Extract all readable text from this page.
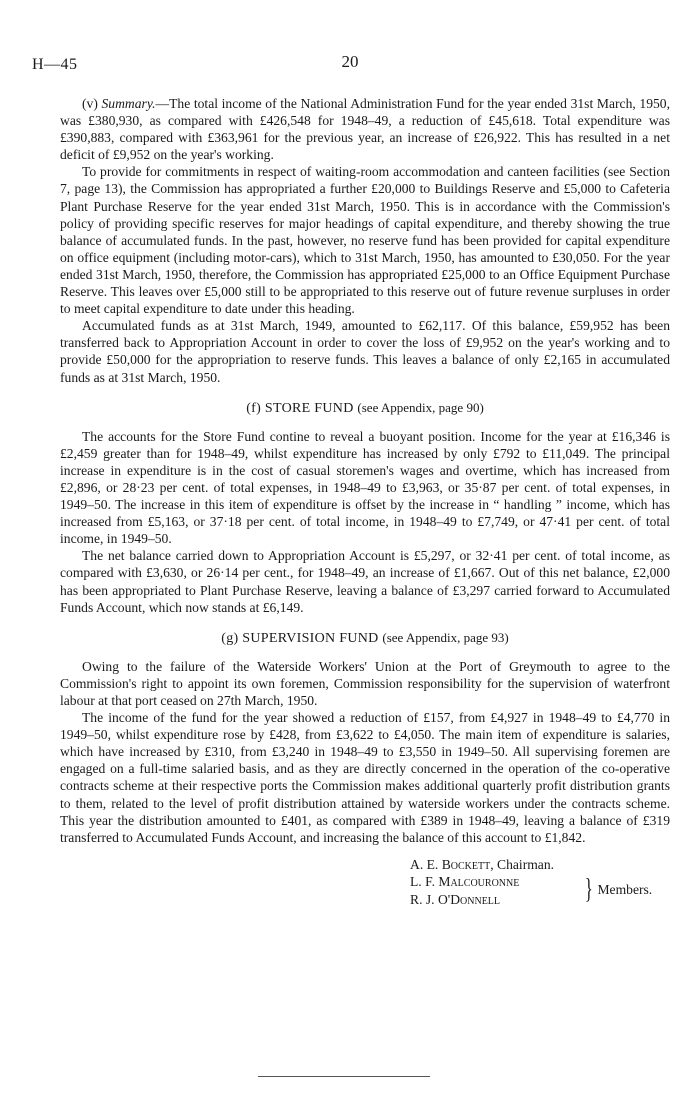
H—45	20

(v) Summary.—The total income of the National Administration Fund for the year ended 31st March, 1950, was £380,930, as compared with £426,548 for 1948–49, a reduction of £45,618. Total expenditure was £390,883, compared with £363,961 for the previous year, an increase of £26,922. This has resulted in a net deficit of £9,952 on the year's working.

To provide for commitments in respect of waiting-room accommodation and canteen facilities (see Section 7, page 13), the Commission has appropriated a further £20,000 to Buildings Reserve and £5,000 to Cafeteria Plant Purchase Reserve for the year ended 31st March, 1950. This is in accordance with the Commission's policy of providing specific reserves for major headings of capital expenditure, and thereby showing the true balance of accumulated funds. In the past, however, no reserve fund has been provided for capital expenditure on office equipment (including motor-cars), which to 31st March, 1950, has amounted to £30,050. For the year ended 31st March, 1950, therefore, the Commission has appropriated £25,000 to an Office Equipment Purchase Reserve. This leaves over £5,000 still to be appropriated to this reserve out of future revenue surpluses in order to meet capital expenditure to date under this heading.

Accumulated funds as at 31st March, 1949, amounted to £62,117. Of this balance, £59,952 has been transferred back to Appropriation Account in order to cover the loss of £9,952 on the year's working and to provide £50,000 for the appropriation to reserve funds. This leaves a balance of only £2,165 in accumulated funds as at 31st March, 1950.

(f) STORE FUND (see Appendix, page 90)

The accounts for the Store Fund contine to reveal a buoyant position. Income for the year at £16,346 is £2,459 greater than for 1948–49, whilst expenditure has increased by only £792 to £11,049. The principal increase in expenditure is in the cost of casual storemen's wages and overtime, which has increased from £2,896, or 28·23 per cent. of total expenses, in 1948–49 to £3,963, or 35·87 per cent. of total expenses, in 1949–50. The increase in this item of expenditure is offset by the increase in “ handling ” income, which has increased from £5,163, or 37·18 per cent. of total income, in 1948–49 to £7,749, or 47·41 per cent. of total income, in 1949–50.

The net balance carried down to Appropriation Account is £5,297, or 32·41 per cent. of total income, as compared with £3,630, or 26·14 per cent., for 1948–49, an increase of £1,667. Out of this net balance, £2,000 has been appropriated to Plant Purchase Reserve, leaving a balance of £3,297 carried forward to Accumulated Funds Account, which now stands at £6,149.

(g) SUPERVISION FUND (see Appendix, page 93)

Owing to the failure of the Waterside Workers' Union at the Port of Greymouth to agree to the Commission's right to appoint its own foremen, Commission responsibility for the supervision of waterfront labour at that port ceased on 27th March, 1950.

The income of the fund for the year showed a reduction of £157, from £4,927 in 1948–49 to £4,770 in 1949–50, whilst expenditure rose by £428, from £3,622 to £4,050. The main item of expenditure is salaries, which have increased by £310, from £3,240 in 1948–49 to £3,550 in 1949–50. All supervising foremen are engaged on a full-time salaried basis, and as they are directly concerned in the operation of the co-operative contracts scheme at their respective ports the Commission makes additional quarterly profit distribution grants to them, related to the level of profit distribution attained by waterside workers under the contracts scheme. This year the distribution amounted to £401, as compared with £389 in 1948–49, leaving a balance of £319 transferred to Accumulated Funds Account, and increasing the balance of this account to £1,842.

A. E. Bockett, Chairman.
L. F. Malcouronne
R. J. O'Donnell	} Members.
